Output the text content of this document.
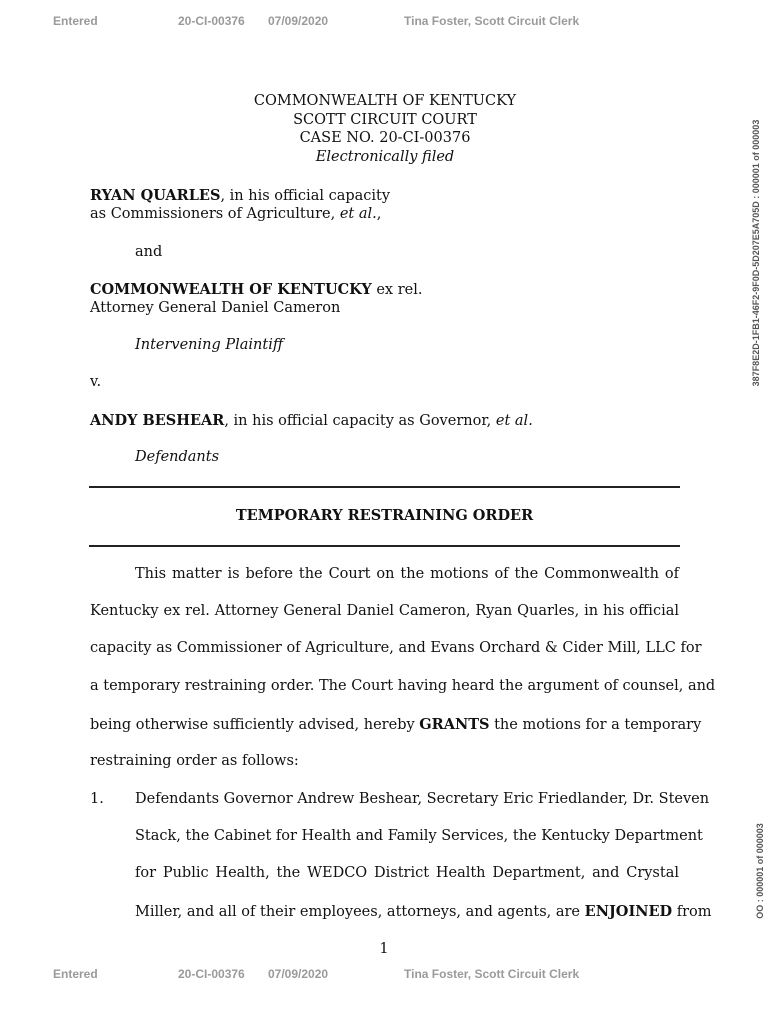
Entered	20-CI-00376 07/09/2020	Tina Foster, Scott Circuit Clerk
387F8E2D-1FB1-46F2-9F0D-5D207E5A705D : 000001 of 000003
OO : 000001 of 000003
COMMONWEALTH OF KENTUCKY
SCOTT CIRCUIT COURT
CASE NO. 20-CI-00376
Electronically filed
RYAN QUARLES, in his official capacity
as Commissioners of Agriculture, et al.,
and
COMMONWEALTH OF KENTUCKY ex rel.
Attorney General Daniel Cameron
Intervening Plaintiff
v.
ANDY BESHEAR, in his official capacity as Governor, et al.
Defendants
TEMPORARY RESTRAINING ORDER
This matter is before the Court on the motions of the Commonwealth of
Kentucky ex rel. Attorney General Daniel Cameron, Ryan Quarles, in his official
capacity as Commissioner of Agriculture, and Evans Orchard & Cider Mill, LLC for
a temporary restraining order. The Court having heard the argument of counsel, and
being otherwise sufficiently advised, hereby GRANTS the motions for a temporary
restraining order as follows:
1. Defendants Governor Andrew Beshear, Secretary Eric Friedlander, Dr. Steven
Stack, the Cabinet for Health and Family Services, the Kentucky Department
for Public Health, the WEDCO District Health Department, and Crystal
Miller, and all of their employees, attorneys, and agents, are ENJOINED from
1
Entered	20-CI-00376 07/09/2020	Tina Foster, Scott Circuit Clerk
